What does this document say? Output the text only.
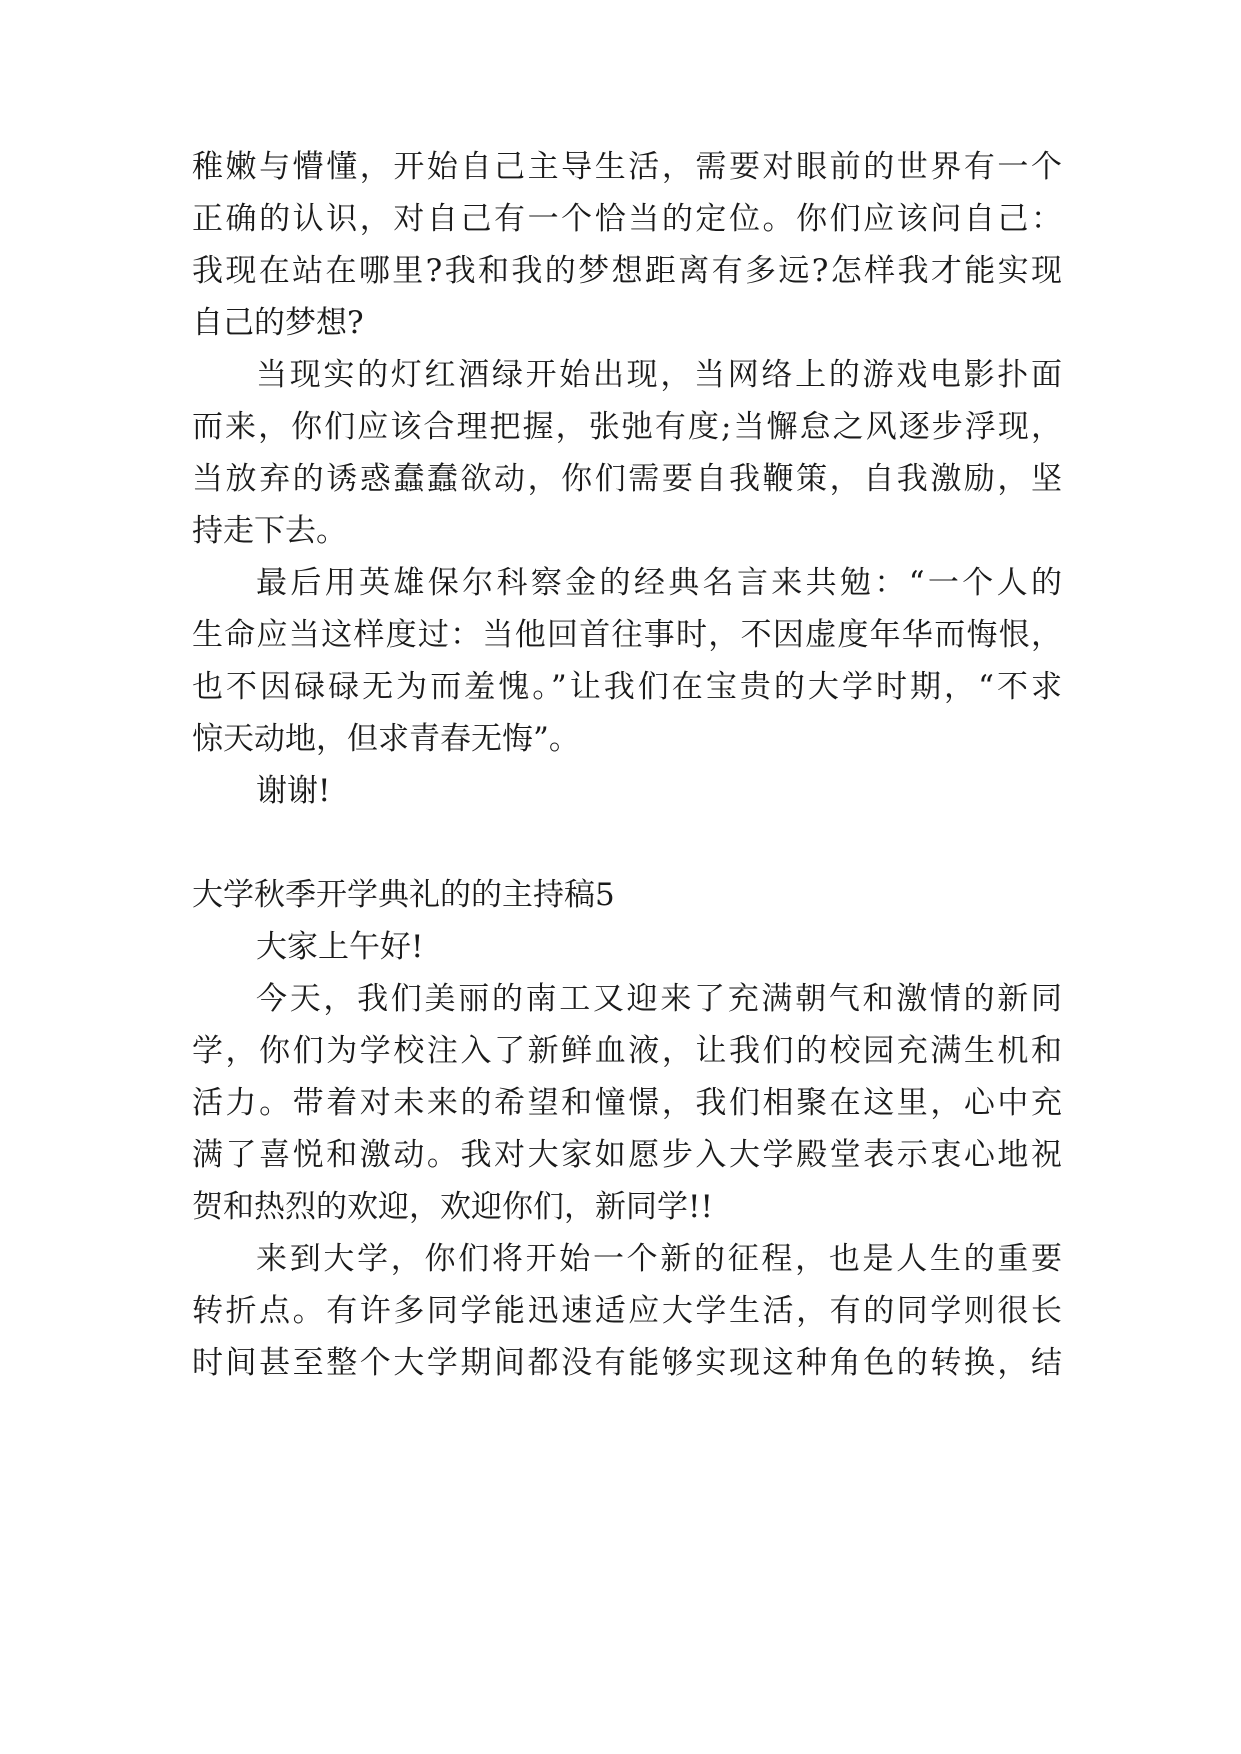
稚嫩与懵懂，开始自己主导生活，需要对眼前的世界有一个
正确的认识，对自己有一个恰当的定位。你们应该问自己：
我现在站在哪里?我和我的梦想距离有多远?怎样我才能实现
自己的梦想?
当现实的灯红酒绿开始出现，当网络上的游戏电影扑面
而来，你们应该合理把握，张弛有度;当懈怠之风逐步浮现，
当放弃的诱惑蠢蠢欲动，你们需要自我鞭策，自我激励，坚
持走下去。
最后用英雄保尔科察金的经典名言来共勉：“一个人的
生命应当这样度过：当他回首往事时，不因虚度年华而悔恨，
也不因碌碌无为而羞愧。”让我们在宝贵的大学时期，“不求
惊天动地，但求青春无悔”。
谢谢!
大学秋季开学典礼的的主持稿5
大家上午好!
今天，我们美丽的南工又迎来了充满朝气和激情的新同
学，你们为学校注入了新鲜血液，让我们的校园充满生机和
活力。带着对未来的希望和憧憬，我们相聚在这里，心中充
满了喜悦和激动。我对大家如愿步入大学殿堂表示衷心地祝
贺和热烈的欢迎，欢迎你们，新同学!!
来到大学，你们将开始一个新的征程，也是人生的重要
转折点。有许多同学能迅速适应大学生活，有的同学则很长
时间甚至整个大学期间都没有能够实现这种角色的转换，结
